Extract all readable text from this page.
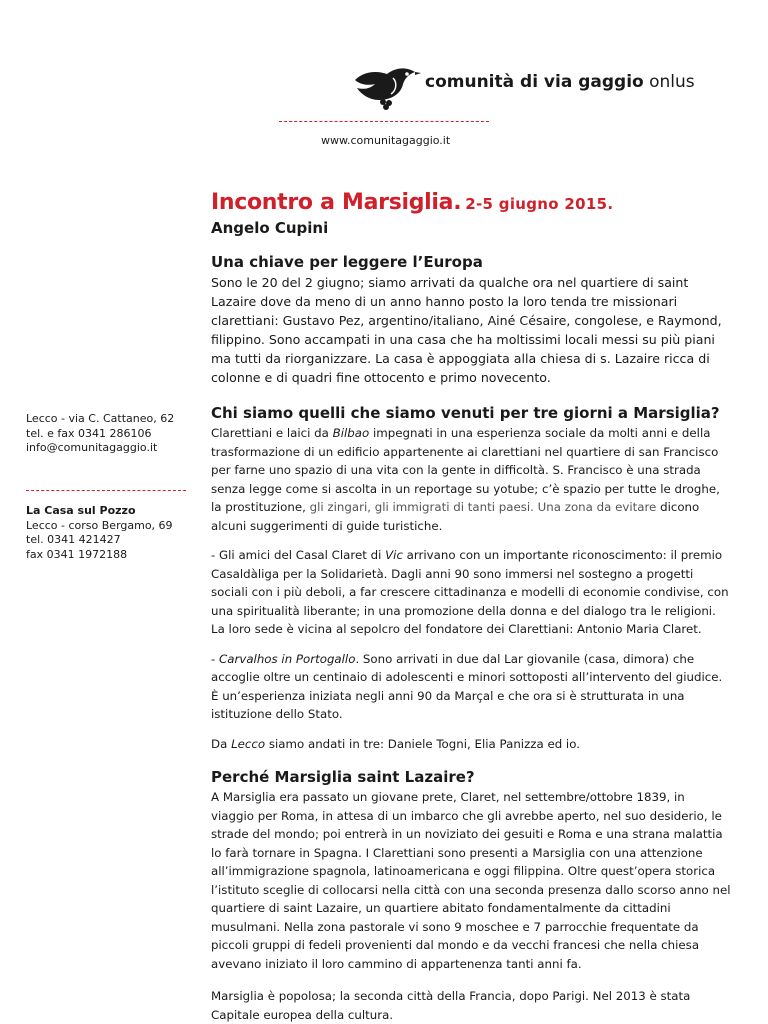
comunità di via gaggio onlus
www.comunitagaggio.it

Lecco - via C. Cattaneo, 62

tel. e fax 0341 286106

info@comunitagaggio.it

La Casa sul Pozzo

Lecco - corso Bergamo, 69

tel. 0341 421427

fax 0341 1972188

Incontro a Marsiglia. 2-5 giugno 2015.

Angelo Cupini

Una chiave per leggere l’Europa

Sono le 20 del 2 giugno; siamo arrivati da qualche ora nel quartiere di saint Lazaire dove da meno di un anno hanno posto la loro tenda tre missionari clarettiani: Gustavo Pez, argentino/italiano, Ainé Césaire, congolese, e Raymond, filippino. Sono accampati in una casa che ha moltissimi locali messi su più piani ma tutti da riorganizzare. La casa è appoggiata alla chiesa di s. Lazaire ricca di colonne e di quadri fine ottocento e primo novecento.

Chi siamo quelli che siamo venuti per tre giorni a Marsiglia?

Clarettiani e laici da Bilbao impegnati in una esperienza sociale da molti anni e della trasformazione di un edificio appartenente ai clarettiani nel quartiere di san Francisco per farne uno spazio di una vita con la gente in difficoltà. S. Francisco è una strada senza legge come si ascolta in un reportage su yotube; c’è spazio per tutte le droghe, la prostituzione, gli zingari, gli immigrati di tanti paesi. Una zona da evitare dicono alcuni suggerimenti di guide turistiche.

- Gli amici del Casal Claret di Vic arrivano con un importante riconoscimento: il premio Casaldàliga per la Solidarietà. Dagli anni 90 sono immersi nel sostegno a progetti sociali con i più deboli, a far crescere cittadinanza e modelli di economie condivise, con una spiritualità liberante; in una promozione della donna e del dialogo tra le religioni. La loro sede è vicina al sepolcro del fondatore dei Clarettiani: Antonio Maria Claret.

- Carvalhos in Portogallo. Sono arrivati in due dal Lar giovanile (casa, dimora) che accoglie oltre un centinaio di adolescenti e minori sottoposti all’intervento del giudice. È un’esperienza iniziata negli anni 90 da Marçal e che ora si è strutturata in una istituzione dello Stato.

Da Lecco siamo andati in tre: Daniele Togni, Elia Panizza ed io.

Perché Marsiglia saint Lazaire?

A Marsiglia era passato un giovane prete, Claret, nel settembre/ottobre 1839, in viaggio per Roma, in attesa di un imbarco che gli avrebbe aperto, nel suo desiderio, le strade del mondo; poi entrerà in un noviziato dei gesuiti e Roma e una strana malattia lo farà tornare in Spagna. I Clarettiani sono presenti a Marsiglia con una attenzione all’immigrazione spagnola, latinoamericana e oggi filippina. Oltre quest’opera storica l’istituto sceglie di collocarsi nella città con una seconda presenza dallo scorso anno nel quartiere di saint Lazaire, un quartiere abitato fondamentalmente da cittadini musulmani. Nella zona pastorale vi sono 9 moschee e 7 parrocchie frequentate da piccoli gruppi di fedeli provenienti dal mondo e da vecchi francesi che nella chiesa avevano iniziato il loro cammino di appartenenza tanti anni fa.

Marsiglia è popolosa; la seconda città della Francia, dopo Parigi. Nel 2013 è stata Capitale europea della cultura.
